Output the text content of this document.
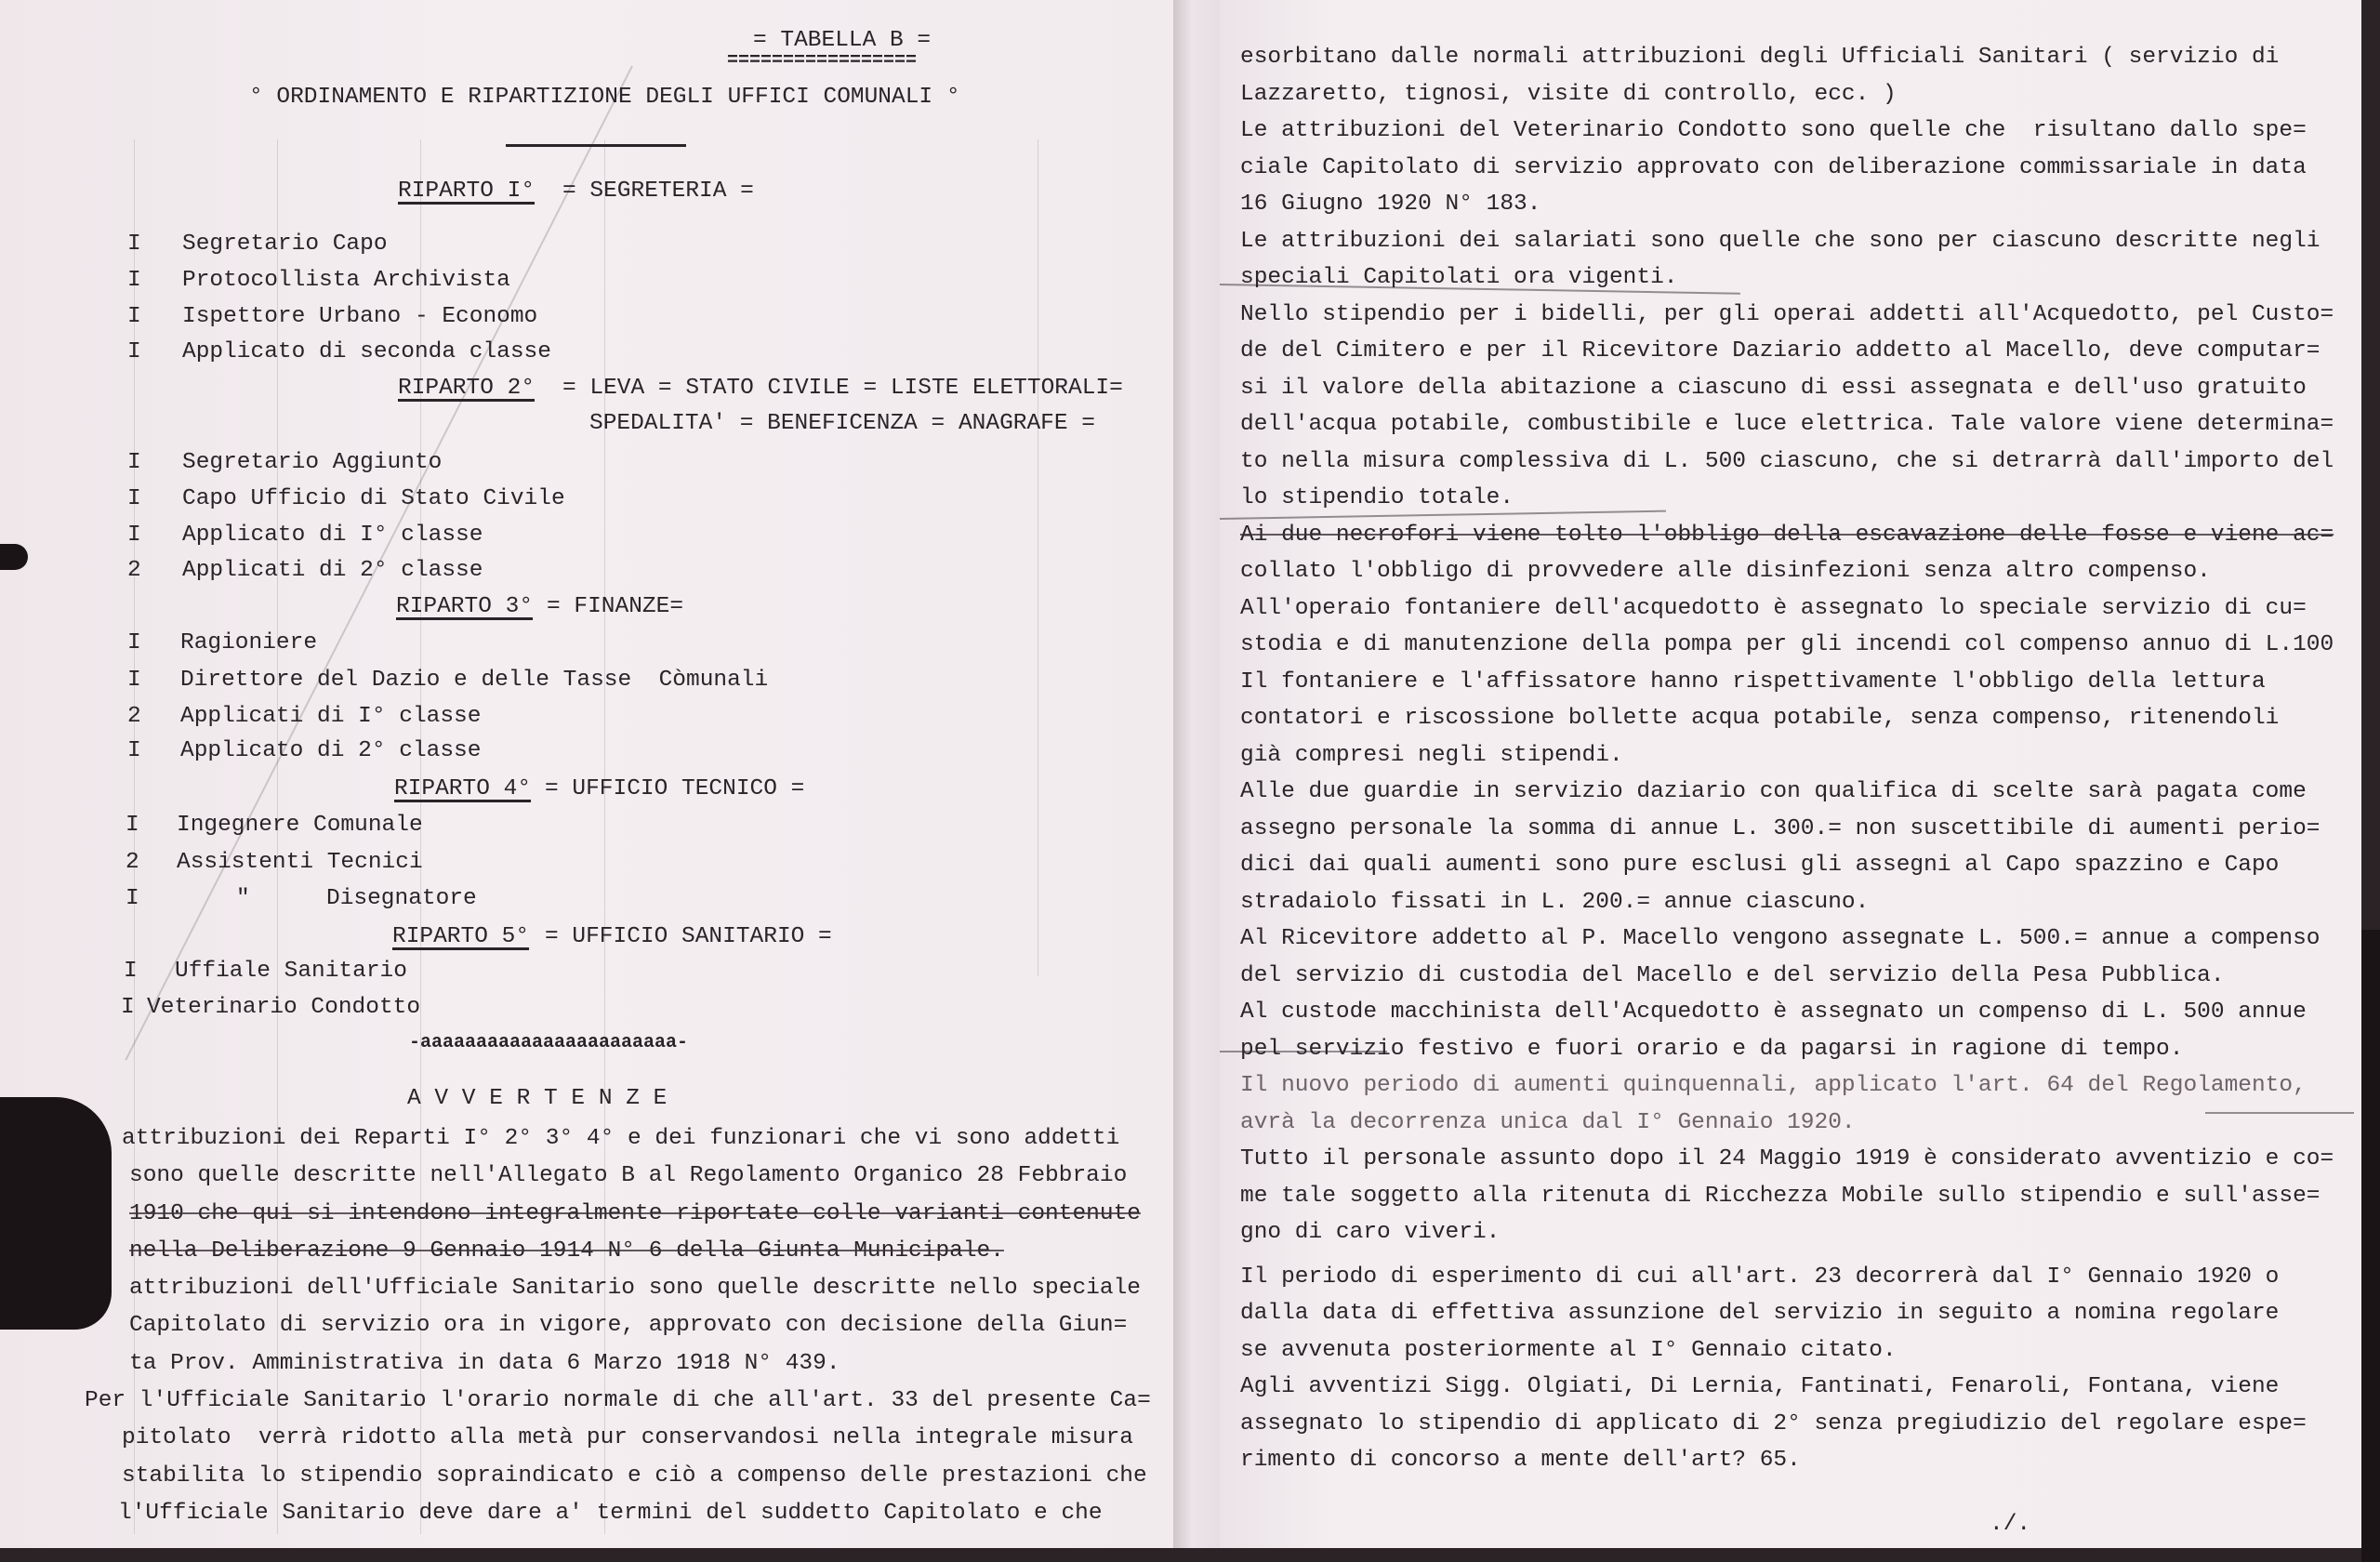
= TABELLA B =
=================
° ORDINAMENTO E RIPARTIZIONE DEGLI UFFICI COMUNALI °
RIPARTO I° = SEGRETERIA =
I Segretario Capo
I Protocollista Archivista
I Ispettore Urbano - Economo
I Applicato di seconda classe
RIPARTO 2° = LEVA = STATO CIVILE = LISTE ELETTORALI=
SPEDALITA' = BENEFICENZA = ANAGRAFE =
I Segretario Aggiunto
I Capo Ufficio di Stato Civile
I Applicato di I° classe
2 Applicati di 2° classe
RIPARTO 3° = FINANZE=
I Ragioniere
I Direttore del Dazio e delle Tasse  Còmunali
2 Applicati di I° classe
I Applicato di 2° classe
RIPARTO 4° = UFFICIO TECNICO =
I Ingegnere Comunale
2 Assistenti Tecnici
I	"	Disegnatore
RIPARTO 5° = UFFICIO SANITARIO =
I Uffiale Sanitario
I Veterinario Condotto
-aaaaaaaaaaaaaaaaaaaaaaa-
A V V E R T E N Z E
attribuzioni dei Reparti I° 2° 3° 4° e dei funzionari che vi sono addetti
sono quelle descritte nell'Allegato B al Regolamento Organico 28 Febbraio
1910 che qui si intendono integralmente riportate colle varianti contenute
nella Deliberazione 9 Gennaio 1914 N° 6 della Giunta Municipale.
attribuzioni dell'Ufficiale Sanitario sono quelle descritte nello speciale
Capitolato di servizio ora in vigore, approvato con decisione della Giun=
ta Prov. Amministrativa in data 6 Marzo 1918 N° 439.
Per l'Ufficiale Sanitario l'orario normale di che all'art. 33 del presente Ca=
pitolato  verrà ridotto alla metà pur conservandosi nella integrale misura
stabilita lo stipendio sopraindicato e ciò a compenso delle prestazioni che
l'Ufficiale Sanitario deve dare a' termini del suddetto Capitolato e che
esorbitano dalle normali attribuzioni degli Ufficiali Sanitari ( servizio di
Lazzaretto, tignosi, visite di controllo, ecc. )
Le attribuzioni del Veterinario Condotto sono quelle che  risultano dallo spe=
ciale Capitolato di servizio approvato con deliberazione commissariale in data
16 Giugno 1920 N° 183.
Le attribuzioni dei salariati sono quelle che sono per ciascuno descritte negli
speciali Capitolati ora vigenti.
Nello stipendio per i bidelli, per gli operai addetti all'Acquedotto, pel Custo=
de del Cimitero e per il Ricevitore Daziario addetto al Macello, deve computar=
si il valore della abitazione a ciascuno di essi assegnata e dell'uso gratuito
dell'acqua potabile, combustibile e luce elettrica. Tale valore viene determina=
to nella misura complessiva di L. 500 ciascuno, che si detrarrà dall'importo del
lo stipendio totale.
Ai due necrofori viene tolto l'obbligo della escavazione delle fosse e viene ac=
collato l'obbligo di provvedere alle disinfezioni senza altro compenso.
All'operaio fontaniere dell'acquedotto è assegnato lo speciale servizio di cu=
stodia e di manutenzione della pompa per gli incendi col compenso annuo di L.100
Il fontaniere e l'affissatore hanno rispettivamente l'obbligo della lettura
contatori e riscossione bollette acqua potabile, senza compenso, ritenendoli
già compresi negli stipendi.
Alle due guardie in servizio daziario con qualifica di scelte sarà pagata come
assegno personale la somma di annue L. 300.= non suscettibile di aumenti perio=
dici dai quali aumenti sono pure esclusi gli assegni al Capo spazzino e Capo
stradaiolo fissati in L. 200.= annue ciascuno.
Al Ricevitore addetto al P. Macello vengono assegnate L. 500.= annue a compenso
del servizio di custodia del Macello e del servizio della Pesa Pubblica.
Al custode macchinista dell'Acquedotto è assegnato un compenso di L. 500 annue
pel servizio festivo e fuori orario e da pagarsi in ragione di tempo.
Il nuovo periodo di aumenti quinquennali, applicato l'art. 64 del Regolamento,
avrà la decorrenza unica dal I° Gennaio 1920.
Tutto il personale assunto dopo il 24 Maggio 1919 è considerato avventizio e co=
me tale soggetto alla ritenuta di Ricchezza Mobile sullo stipendio e sull'asse=
gno di caro viveri.
Il periodo di esperimento di cui all'art. 23 decorrerà dal I° Gennaio 1920 o
dalla data di effettiva assunzione del servizio in seguito a nomina regolare
se avvenuta posteriormente al I° Gennaio citato.
Agli avventizi Sigg. Olgiati, Di Lernia, Fantinati, Fenaroli, Fontana, viene
assegnato lo stipendio di applicato di 2° senza pregiudizio del regolare espe=
rimento di concorso a mente dell'art? 65.
./.
